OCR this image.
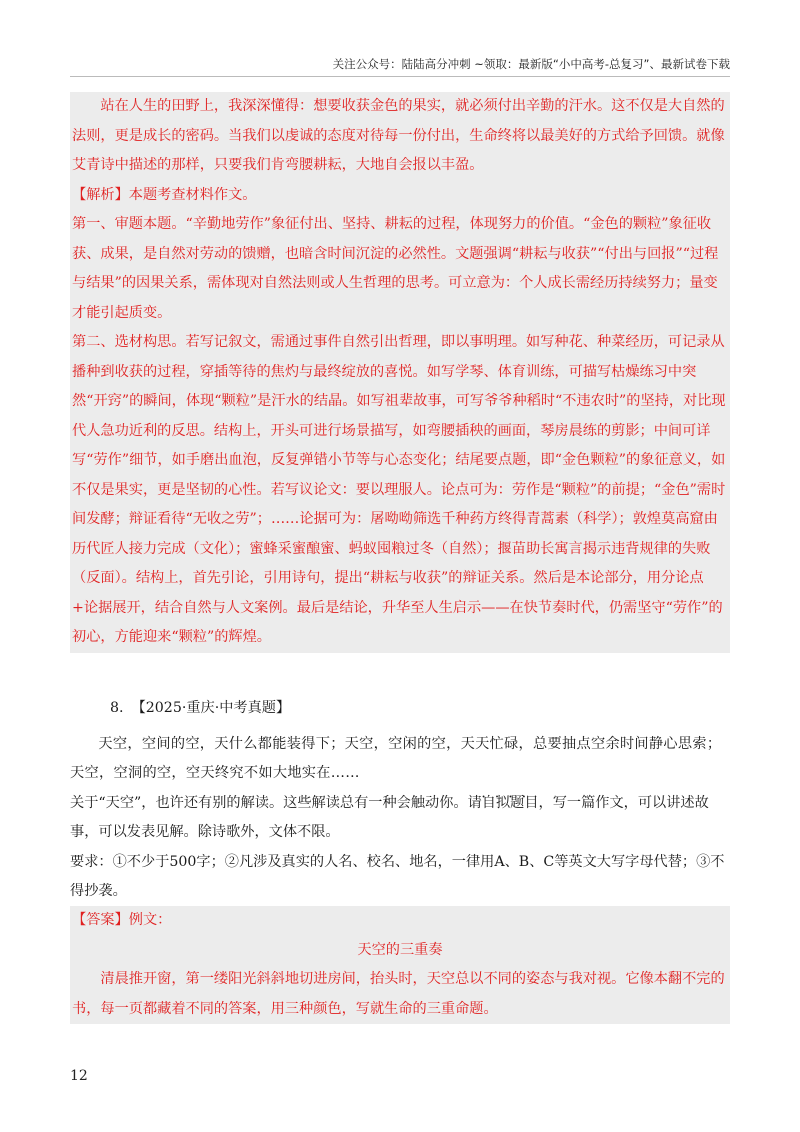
关注公众号：陆陆高分冲刺 ~领取：最新版“小中高考-总复习”、最新试卷下载

站在人生的田野上，我深深懂得：想要收获金色的果实，就必须付出辛勤的汗水。这不仅是大自然的法则，更是成长的密码。当我们以虔诚的态度对待每一份付出，生命终将以最美好的方式给予回馈。就像艾青诗中描述的那样，只要我们肯弯腰耕耘，大地自会报以丰盈。

【解析】本题考查材料作文。

第一、审题本题。“辛勤地劳作”象征付出、坚持、耕耘的过程，体现努力的价值。“金色的颗粒”象征收获、成果，是自然对劳动的馈赠，也暗含时间沉淀的必然性。文题强调“耕耘与收获”“付出与回报”“过程与结果”的因果关系，需体现对自然法则或人生哲理的思考。可立意为：个人成长需经历持续努力；量变才能引起质变。

第二、选材构思。若写记叙文，需通过事件自然引出哲理，即以事明理。如写种花、种菜经历，可记录从播种到收获的过程，穿插等待的焦灼与最终绽放的喜悦。如写学琴、体育训练，可描写枯燥练习中突然“开窍”的瞬间，体现“颗粒”是汗水的结晶。如写祖辈故事，可写爷爷种稻时“不违农时”的坚持，对比现代人急功近利的反思。结构上，开头可进行场景描写，如弯腰插秧的画面，琴房晨练的剪影；中间可详写“劳作”细节，如手磨出血泡，反复弹错小节等与心态变化；结尾要点题，即“金色颗粒”的象征意义，如不仅是果实，更是坚韧的心性。若写议论文：要以理服人。论点可为：劳作是“颗粒”的前提；“金色”需时间发酵；辩证看待“无收之劳”；……论据可为：屠呦呦筛选千种药方终得青蒿素（科学）；敦煌莫高窟由历代匠人接力完成（文化）；蜜蜂采蜜酿蜜、蚂蚁囤粮过冬（自然）；揠苗助长寓言揭示违背规律的失败（反面）。结构上，首先引论，引用诗句，提出“耕耘与收获”的辩证关系。然后是本论部分，用分论点+论据展开，结合自然与人文案例。最后是结论，升华至人生启示——在快节奏时代，仍需坚守“劳作”的初心，方能迎来“颗粒”的辉煌。

8. 【2025·重庆·中考真题】

天空，空间的空，天什么都能装得下；天空，空闲的空，天天忙碌，总要抽点空余时间静心思索；

天空，空洞的空，空天终究不如大地实在……

关于“天空”，也许还有别的解读。这些解读总有一种会触动你。请• • • • 自拟题目，写一篇作文，可以讲述故事，可以发表见解。除诗歌外，文体不限。

要求：①不少于500字；②凡涉及真实的人名、校名、地名，一律用A、B、C等英文大写字母代替；③不得抄袭。

【答案】例文：

天空的三重奏

清晨推开窗，第一缕阳光斜斜地切进房间，抬头时，天空总以不同的姿态与我对视。它像本翻不完的书，每一页都藏着不同的答案，用三种颜色，写就生命的三重命题。

12
